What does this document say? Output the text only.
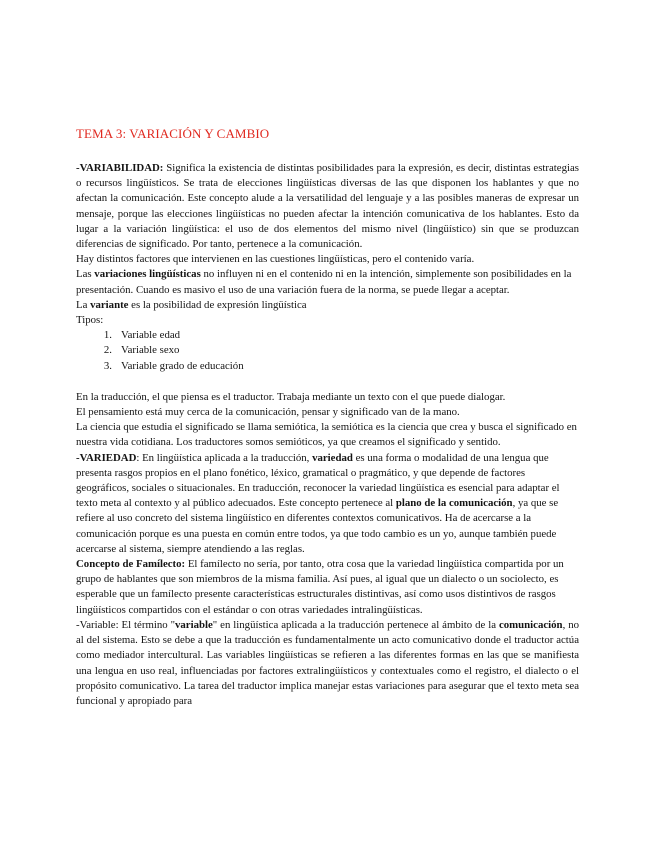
TEMA 3: VARIACIÓN Y CAMBIO

-VARIABILIDAD: Significa la existencia de distintas posibilidades para la expresión, es decir, distintas estrategias o recursos lingüísticos. Se trata de elecciones lingüísticas diversas de las que disponen los hablantes y que no afectan la comunicación. Este concepto alude a la versatilidad del lenguaje y a las posibles maneras de expresar un mensaje, porque las elecciones lingüísticas no pueden afectar la intención comunicativa de los hablantes. Esto da lugar a la variación lingüística: el uso de dos elementos del mismo nivel (lingüístico) sin que se produzcan diferencias de significado. Por tanto, pertenece a la comunicación.

Hay distintos factores que intervienen en las cuestiones lingüísticas, pero el contenido varía.

Las variaciones lingüísticas no influyen ni en el contenido ni en la intención, simplemente son posibilidades en la presentación. Cuando es masivo el uso de una variación fuera de la norma, se puede llegar a aceptar.

La variante es la posibilidad de expresión lingüística

Tipos:

1. Variable edad
2. Variable sexo
3. Variable grado de educación

En la traducción, el que piensa es el traductor. Trabaja mediante un texto con el que puede dialogar.

El pensamiento está muy cerca de la comunicación, pensar y significado van de la mano.

La ciencia que estudia el significado se llama semiótica, la semiótica es la ciencia que crea y busca el significado en nuestra vida cotidiana. Los traductores somos semióticos, ya que creamos el significado y sentido.

-VARIEDAD: En lingüística aplicada a la traducción, variedad es una forma o modalidad de una lengua que presenta rasgos propios en el plano fonético, léxico, gramatical o pragmático, y que depende de factores geográficos, sociales o situacionales. En traducción, reconocer la variedad lingüística es esencial para adaptar el texto meta al contexto y al público adecuados. Este concepto pertenece al plano de la comunicación, ya que se refiere al uso concreto del sistema lingüístico en diferentes contextos comunicativos. Ha de acercarse a la comunicación porque es una puesta en común entre todos, ya que todo cambio es un yo, aunque también puede acercarse al sistema, siempre atendiendo a las reglas.

Concepto de Famílecto: El famílecto no sería, por tanto, otra cosa que la variedad lingüística compartida por un grupo de hablantes que son miembros de la misma familia. Así pues, al igual que un dialecto o un sociolecto, es esperable que un famílecto presente características estructurales distintivas, así como usos distintivos de rasgos lingüísticos compartidos con el estándar o con otras variedades intralingüísticas.

-Variable: El término "variable" en lingüística aplicada a la traducción pertenece al ámbito de la comunicación, no al del sistema. Esto se debe a que la traducción es fundamentalmente un acto comunicativo donde el traductor actúa como mediador intercultural. Las variables lingüísticas se refieren a las diferentes formas en las que se manifiesta una lengua en uso real, influenciadas por factores extralingüísticos y contextuales como el registro, el dialecto o el propósito comunicativo. La tarea del traductor implica manejar estas variaciones para asegurar que el texto meta sea funcional y apropiado para
